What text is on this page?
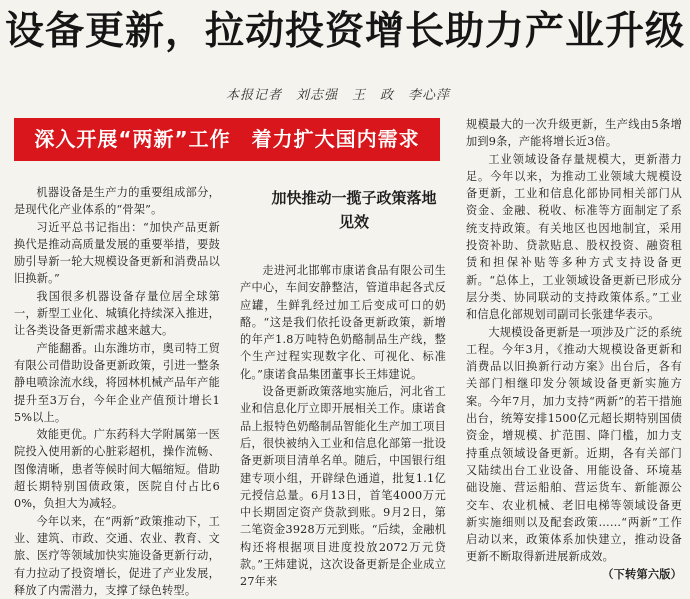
设备更新，拉动投资增长助力产业升级
本报记者　刘志强　王　政　李心萍
深入开展“两新”工作　着力扩大国内需求
加快推动一揽子政策落地见效

机器设备是生产力的重要组成部分，是现代化产业体系的“骨架”。

习近平总书记指出：“加快产品更新换代是推动高质量发展的重要举措，要鼓励引导新一轮大规模设备更新和消费品以旧换新。”

我国很多机器设备存量位居全球第一，新型工业化、城镇化持续深入推进，让各类设备更新需求越来越大。

产能翻番。山东潍坊市，奥司特工贸有限公司借助设备更新政策，引进一整条静电喷涂流水线，将园林机械产品年产能提升至3万台，今年企业产值预计增长15%以上。

效能更优。广东药科大学附属第一医院投入使用新的心脏彩超机，操作流畅、图像清晰，患者等候时间大幅缩短。借助超长期特别国债政策，医院自付占比60%，负担大为减轻。

今年以来，在“两新”政策推动下，工业、建筑、市政、交通、农业、教育、文旅、医疗等领域加快实施设备更新行动，有力拉动了投资增长，促进了产业发展，释放了内需潜力，支撑了绿色转型。

走进河北邯郸市康诺食品有限公司生产中心，车间安静整洁，管道串起各式反应罐，生鲜乳经过加工后变成可口的奶酪。“这是我们依托设备更新政策，新增的年产1.8万吨特色奶酪制品生产线，整个生产过程实现数字化、可视化、标准化。”康诺食品集团董事长王炜建说。

设备更新政策落地实施后，河北省工业和信息化厅立即开展相关工作。康诺食品上报特色奶酪制品智能化生产加工项目后，很快被纳入工业和信息化部第一批设备更新项目清单名单。随后，中国银行组建专项小组，开辟绿色通道，批复1.1亿元授信总量。6月13日，首笔4000万元中长期固定资产贷款到账。9月2日，第二笔资金3928万元到账。“后续，金融机构还将根据项目进度投放2072万元贷款。”王炜建说，这次设备更新是企业成立27年来

规模最大的一次升级更新，生产线由5条增加到9条，产能将增长近3倍。

工业领域设备存量规模大，更新潜力足。今年以来，为推动工业领域大规模设备更新，工业和信息化部协同相关部门从资金、金融、税收、标准等方面制定了系统支持政策。有关地区也因地制宜，采用投资补助、贷款贴息、股权投资、融资租赁和担保补贴等多种方式支持设备更新。“总体上，工业领域设备更新已形成分层分类、协同联动的支持政策体系。”工业和信息化部规划司副司长张建华表示。

大规模设备更新是一项涉及广泛的系统工程。今年3月，《推动大规模设备更新和消费品以旧换新行动方案》出台后，各有关部门相继印发分领域设备更新实施方案。今年7月，加力支持“两新”的若干措施出台，统筹安排1500亿元超长期特别国债资金，增规模、扩范围、降门槛，加力支持重点领域设备更新。近期，各有关部门又陆续出台工业设备、用能设备、环境基础设施、营运船舶、营运货车、新能源公交车、农业机械、老旧电梯等领域设备更新实施细则以及配套政策……“两新”工作启动以来，政策体系加快建立，推动设备更新不断取得新进展新成效。

（下转第六版）
